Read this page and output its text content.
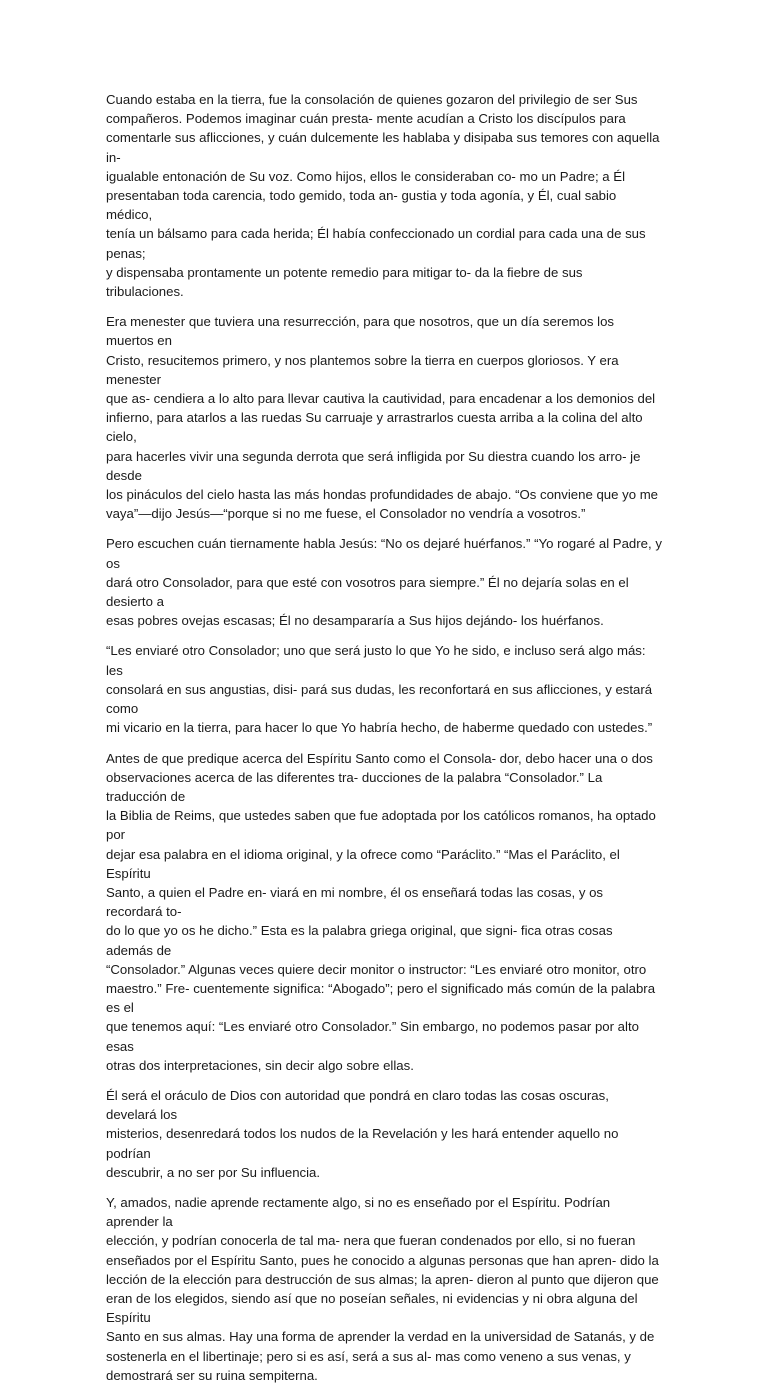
Cuando estaba en la tierra, fue la consolación de quienes gozaron del privilegio de ser Sus
compañeros. Podemos imaginar cuán presta- mente acudían a Cristo los discípulos para
comentarle sus aflicciones, y cuán dulcemente les hablaba y disipaba sus temores con aquella in-
igualable entonación de Su voz. Como hijos, ellos le consideraban co- mo un Padre; a Él
presentaban toda carencia, todo gemido, toda an- gustia y toda agonía, y Él, cual sabio médico,
tenía un bálsamo para cada herida; Él había confeccionado un cordial para cada una de sus penas;
y dispensaba prontamente un potente remedio para mitigar to- da la fiebre de sus tribulaciones.

Era menester que tuviera una resurrección, para que nosotros, que un día seremos los muertos en
Cristo, resucitemos primero, y nos plantemos sobre la tierra en cuerpos gloriosos. Y era menester
que as- cendiera a lo alto para llevar cautiva la cautividad, para encadenar a los demonios del
infierno, para atarlos a las ruedas Su carruaje y arrastrarlos cuesta arriba a la colina del alto cielo,
para hacerles vivir una segunda derrota que será infligida por Su diestra cuando los arro- je desde
los pináculos del cielo hasta las más hondas profundidades de abajo. “Os conviene que yo me
vaya”—dijo Jesús—“porque si no me fuese, el Consolador no vendría a vosotros.”

Pero escuchen cuán tiernamente habla Jesús: “No os dejaré huérfanos.” “Yo rogaré al Padre, y os
dará otro Consolador, para que esté con vosotros para siempre.” Él no dejaría solas en el desierto a
esas pobres ovejas escasas; Él no desampararía a Sus hijos dejándo- los huérfanos.

“Les enviaré otro Consolador; uno que será justo lo que Yo he sido, e incluso será algo más: les
consolará en sus angustias, disi- pará sus dudas, les reconfortará en sus aflicciones, y estará como
mi vicario en la tierra, para hacer lo que Yo habría hecho, de haberme quedado con ustedes.”

Antes de que predique acerca del Espíritu Santo como el Consola- dor, debo hacer una o dos
observaciones acerca de las diferentes tra- ducciones de la palabra “Consolador.” La traducción de
la Biblia de Reims, que ustedes saben que fue adoptada por los católicos romanos, ha optado por
dejar esa palabra en el idioma original, y la ofrece como “Paráclito.” “Mas el Paráclito, el Espíritu
Santo, a quien el Padre en- viará en mi nombre, él os enseñará todas las cosas, y os recordará to-
do lo que yo os he dicho.” Esta es la palabra griega original, que signi- fica otras cosas además de
“Consolador.” Algunas veces quiere decir monitor o instructor: “Les enviaré otro monitor, otro
maestro.” Fre- cuentemente significa: “Abogado”; pero el significado más común de la palabra es el
que tenemos aquí: “Les enviaré otro Consolador.” Sin embargo, no podemos pasar por alto esas
otras dos interpretaciones, sin decir algo sobre ellas.

Él será el oráculo de Dios con autoridad que pondrá en claro todas las cosas oscuras, develará los
misterios, desenredará todos los nudos de la Revelación y les hará entender aquello no podrían
descubrir, a no ser por Su influencia.

Y, amados, nadie aprende rectamente algo, si no es enseñado por el Espíritu. Podrían aprender la
elección, y podrían conocerla de tal ma- nera que fueran condenados por ello, si no fueran
enseñados por el Espíritu Santo, pues he conocido a algunas personas que han apren- dido la
lección de la elección para destrucción de sus almas; la apren- dieron al punto que dijeron que
eran de los elegidos, siendo así que no poseían señales, ni evidencias y ni obra alguna del Espíritu
Santo en sus almas. Hay una forma de aprender la verdad en la universidad de Satanás, y de
sostenerla en el libertinaje; pero si es así, será a sus al- mas como veneno a sus venas, y
demostrará ser su ruina sempiterna.
